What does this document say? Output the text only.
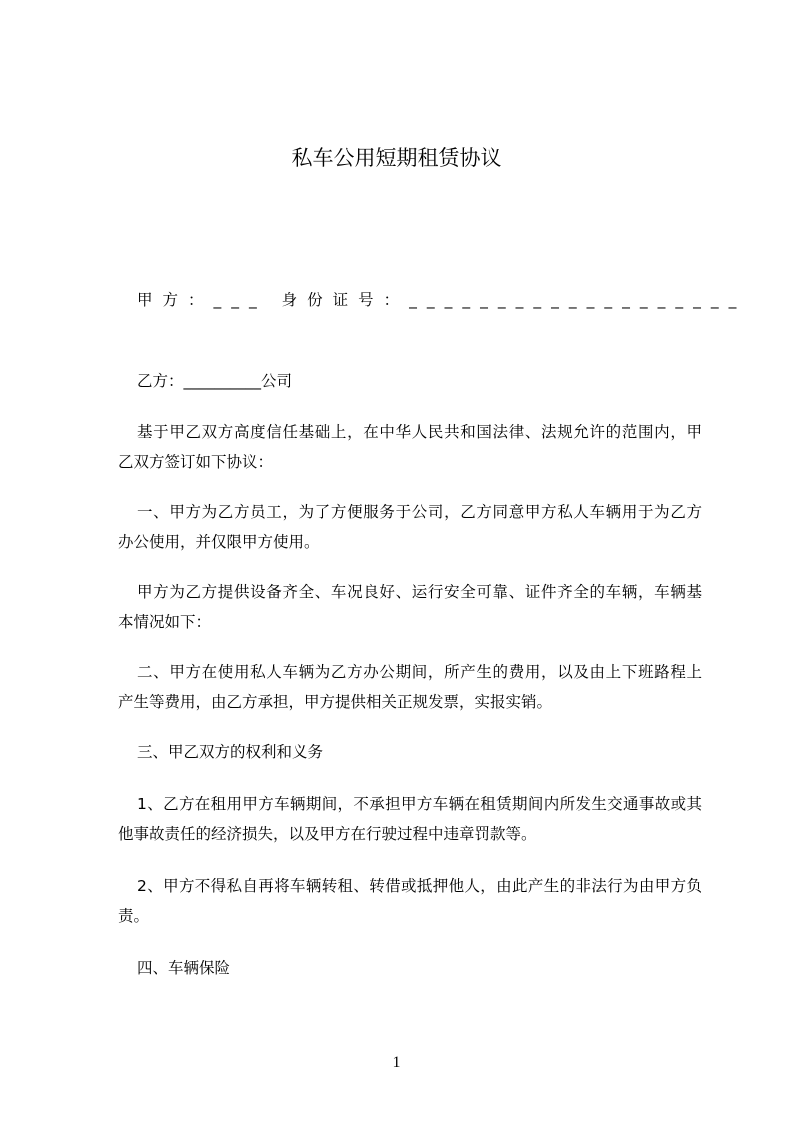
私车公用短期租赁协议
甲方：___ 身份证号：___________________
乙方：__________公司
基于甲乙双方高度信任基础上，在中华人民共和国法律、法规允许的范围内，甲
乙双方签订如下协议：
一、甲方为乙方员工，为了方便服务于公司，乙方同意甲方私人车辆用于为乙方
办公使用，并仅限甲方使用。
甲方为乙方提供设备齐全、车况良好、运行安全可靠、证件齐全的车辆，车辆基
本情况如下：
二、甲方在使用私人车辆为乙方办公期间，所产生的费用，以及由上下班路程上
产生等费用，由乙方承担，甲方提供相关正规发票，实报实销。
三、甲乙双方的权利和义务
1、乙方在租用甲方车辆期间，不承担甲方车辆在租赁期间内所发生交通事故或其
他事故责任的经济损失，以及甲方在行驶过程中违章罚款等。
2、甲方不得私自再将车辆转租、转借或抵押他人，由此产生的非法行为由甲方负
责。
四、车辆保险
1
